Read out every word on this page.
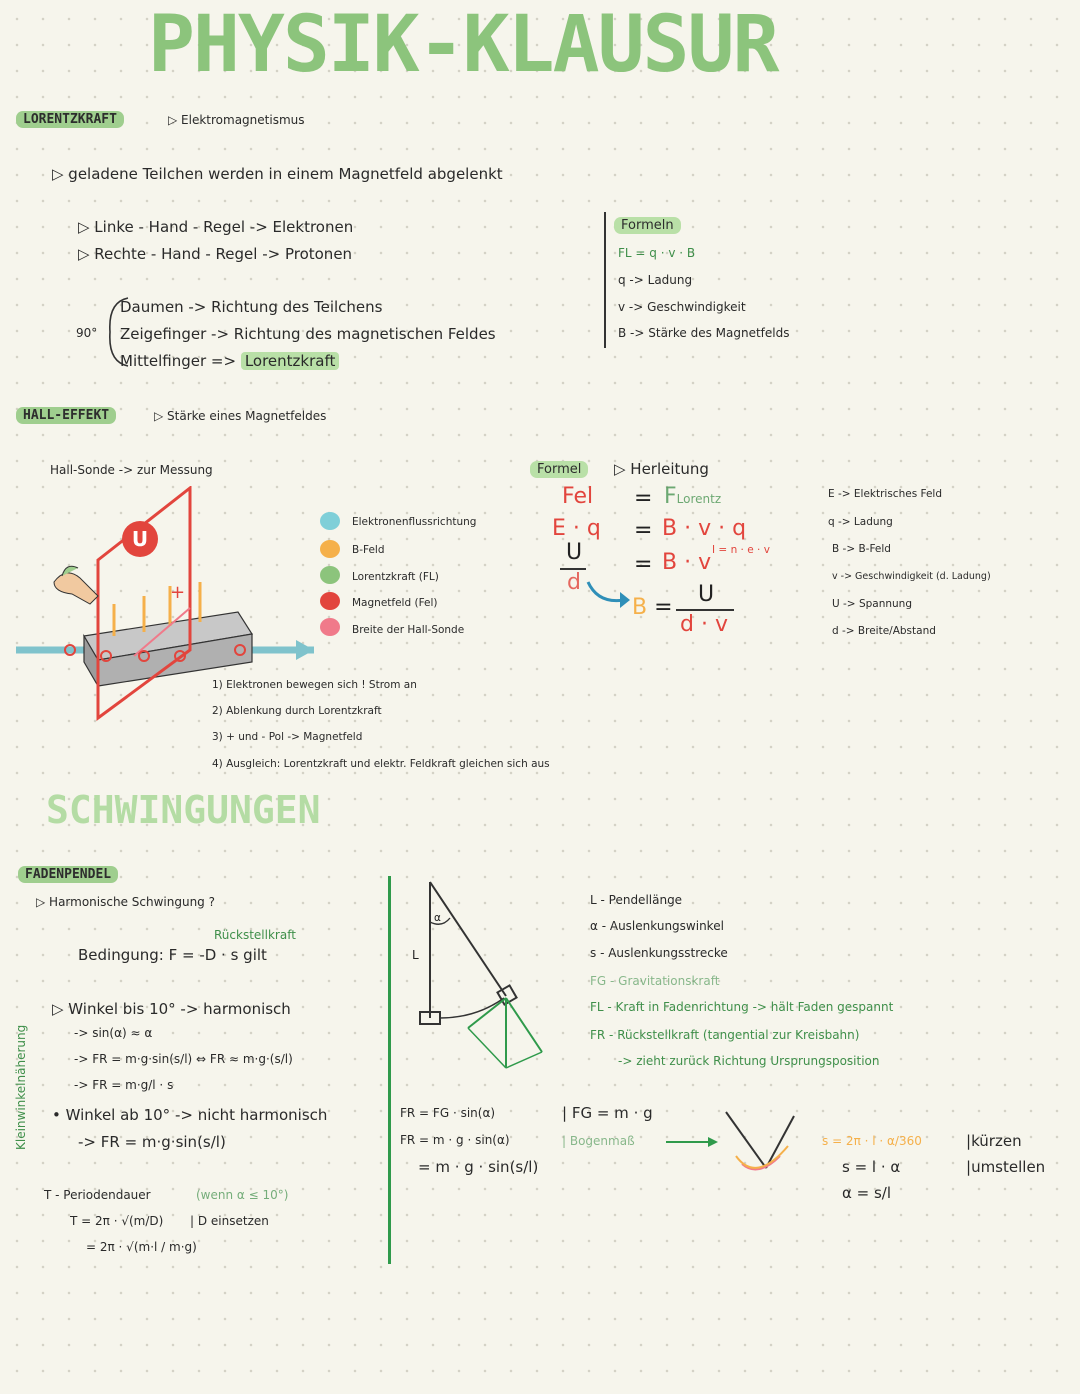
PHYSIK-KLAUSUR
LORENTZKRAFT	▷ Elektromagnetismus
▷ geladene Teilchen werden in einem Magnetfeld abgelenkt
▷ Linke - Hand - Regel -> Elektronen
▷ Rechte - Hand - Regel -> Protonen
90°
Daumen -> Richtung des Teilchens
Zeigefinger -> Richtung des magnetischen Feldes
Mittelfinger => Lorentzkraft
Formeln
FL = q · v · B
q -> Ladung
v -> Geschwindigkeit
B -> Stärke des Magnetfelds
HALL-EFFEKT	▷ Stärke eines Magnetfeldes
Hall-Sonde -> zur Messung
+
U
Elektronenflussrichtung
B-Feld
Lorentzkraft (FL)
Magnetfeld (Fel)
Breite der Hall-Sonde
1) Elektronen bewegen sich ! Strom an
2) Ablenkung durch Lorentzkraft
3) + und - Pol -> Magnetfeld
4) Ausgleich: Lorentzkraft und elektr. Feldkraft gleichen sich aus
Formel	▷ Herleitung
Fel = FLorentz
E · q = B · v · q
I = n · e · v
U
d
= B · v
B =
U
d · v
E -> Elektrisches Feld
q -> Ladung
B -> B-Feld
v -> Geschwindigkeit (d. Ladung)
U -> Spannung
d -> Breite/Abstand
SCHWINGUNGEN
FADENPENDEL
▷ Harmonische Schwingung ?
Rückstellkraft
Bedingung: F = -D · s gilt
Kleinwinkelnäherung
▷ Winkel bis 10° -> harmonisch
-> sin(α) ≈ α
-> FR = m·g·sin(s/l) ⇔ FR ≈ m·g·(s/l)
-> FR = m·g/l · s
• Winkel ab 10° -> nicht harmonisch
-> FR = m·g·sin(s/l)
T - Periodendauer	(wenn α ≤ 10°)
T = 2π · √(m/D) | D einsetzen
= 2π · √(m·l / m·g)
L
α
FR = FG · sin(α)
FR = m · g · sin(α)
= m · g · sin(s/l)
L - Pendellänge
α - Auslenkungswinkel
s - Auslenkungsstrecke
FG - Gravitationskraft
FL - Kraft in Fadenrichtung -> hält Faden gespannt
FR - Rückstellkraft (tangential zur Kreisbahn)
-> zieht zurück Richtung Ursprungsposition
| FG = m · g
| Bogenmaß	s = 2π · l · α/360
s = l · α
α = s/l
|kürzen
|umstellen
